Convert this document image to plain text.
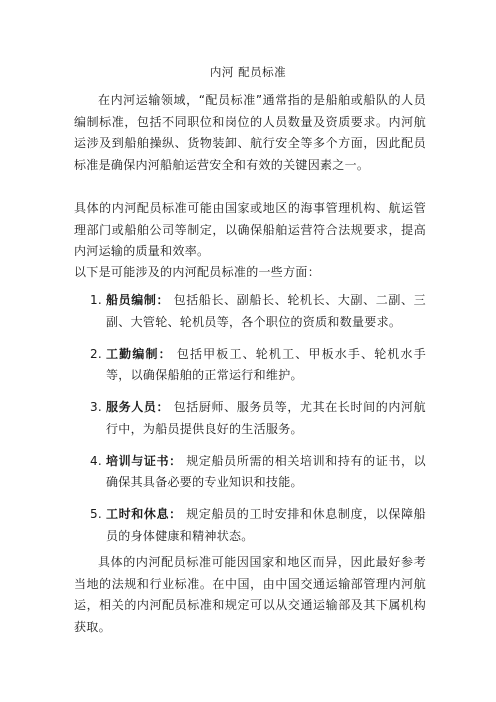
内河 配员标准

在内河运输领域，“配员标准”通常指的是船舶或船队的人员编制标准，包括不同职位和岗位的人员数量及资质要求。内河航运涉及到船舶操纵、货物装卸、航行安全等多个方面，因此配员标准是确保内河船舶运营安全和有效的关键因素之一。

具体的内河配员标准可能由国家或地区的海事管理机构、航运管理部门或船舶公司等制定，以确保船舶运营符合法规要求，提高内河运输的质量和效率。

以下是可能涉及的内河配员标准的一些方面：

1. 船员编制： 包括船长、副船长、轮机长、大副、二副、三副、大管轮、轮机员等，各个职位的资质和数量要求。
2. 工勤编制： 包括甲板工、轮机工、甲板水手、轮机水手等，以确保船舶的正常运行和维护。
3. 服务人员： 包括厨师、服务员等，尤其在长时间的内河航行中，为船员提供良好的生活服务。
4. 培训与证书： 规定船员所需的相关培训和持有的证书，以确保其具备必要的专业知识和技能。
5. 工时和休息： 规定船员的工时安排和休息制度，以保障船员的身体健康和精神状态。

具体的内河配员标准可能因国家和地区而异，因此最好参考当地的法规和行业标准。在中国，由中国交通运输部管理内河航运，相关的内河配员标准和规定可以从交通运输部及其下属机构获取。
